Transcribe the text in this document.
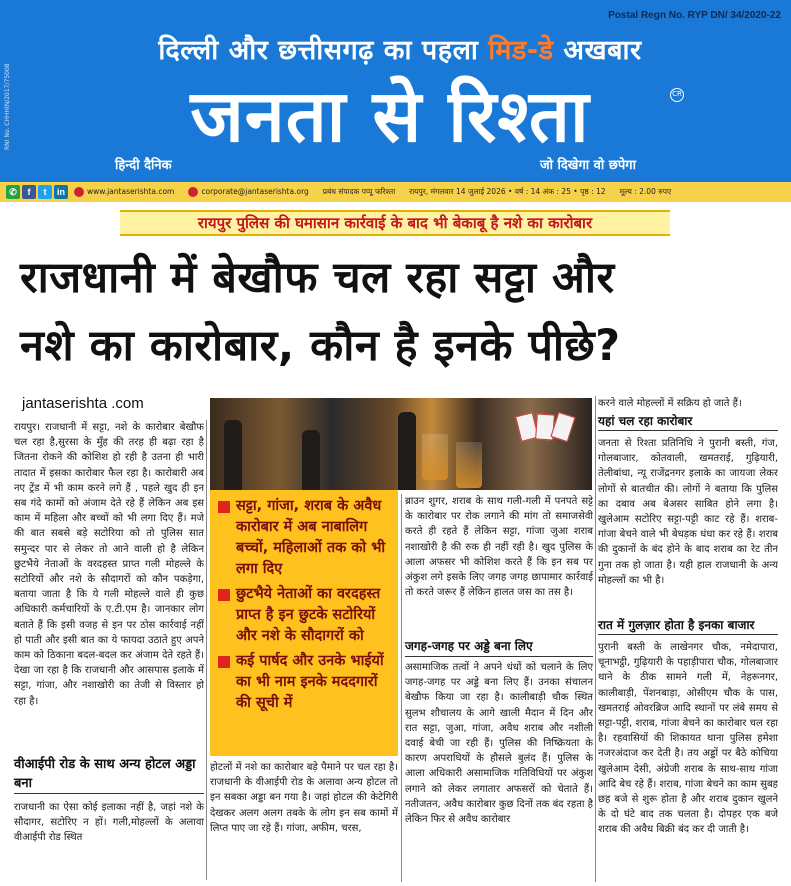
RNI No. CHHHIN/2017/75008
Postal Regn No. RYP DN/ 34/2020-22
दिल्ली और छत्तीसगढ़ का पहला मिड-डे अखबार
जनता से रिश्ता	CR
हिन्दी दैनिक	जो दिखेगा वो छपेगा
✆	f	t	in	www.jantaserishta.com	corporate@jantaserishta.org प्रबंध संपादक पप्पू फरिश्ता रायपुर, मंगलवार 14 जुलाई 2026 • वर्ष : 14 अंक : 25 • पृष्ठ : 12 मूल्य : 2.00 रुपए
रायपुर पुलिस की घमासान कार्रवाई के बाद भी बेकाबू है नशे का कारोबार
राजधानी में बेखौफ चल रहा सट्टा और
नशे का कारोबार, कौन है इनके पीछे?
jantaserishta .com

रायपुर। राजधानी में सट्टा, नशे के कारोबार बेखौफ चल रहा है,सुरसा के मुँह की तरह ही बढ़ा रहा है जितना रोकने की कोशिश हो रही है उतना ही भारी तादात में इसका कारोबार फैल रहा है। कारोबारी अब नए ट्रेंड में भी काम करने लगे हैं , पहले खुद ही इन सब गंदे कामों को अंजाम देते रहे हैं लेकिन अब इस काम में महिला और बच्चों को भी लगा दिए हैं। मजे की बात सबसे बड़े सटोरिया को तो पुलिस सात समुन्दर पार से लेकर तो आने वाली हो है लेकिन छुटभैये नेताओं के वरदहस्त प्राप्त गली मोहल्ले के सटोरियों और नशे के सौदागरों को कौन पकड़ेगा, बताया जाता है कि ये गली मोहल्ले वाले ही कुछ अधिकारी कर्मचारियों के ए.टी.एम है। जानकार लोग बताते हैं कि इसी वजह से इन पर ठोस कार्रवाई नहीं हो पाती और इसी बात का ये फायदा उठाते हुए अपने काम को ठिकाना बदल-बदल कर अंजाम देते रहते हैं। देखा जा रहा है कि राजधानी और आसपास इलाके में सट्टा, गांजा, और नशाखोरी का तेजी से विस्तार हो रहा है।

वीआईपी रोड के साथ अन्य होटल अड्डा बना

राजधानी का ऐसा कोई इलाका नहीं है, जहां नशे के सौदागर, सटोरिए न हों। गली,मोहल्लों के अलावा वीआईपी रोड स्थित

सट्टा, गांजा, शराब के अवैध कारोबार में अब नाबालिग बच्चों, महिलाओं तक को भी लगा दिए
छुटभैये नेताओं का वरदहस्त प्राप्त है इन छुटके सटोरियों और नशे के सौदागरों को
कई पार्षद और उनके भाईयों का भी नाम इनके मददगारों की सूची में

होटलों में नशे का कारोबार बड़े पैमाने पर चल रहा है। राजधानी के वीआईपी रोड के अलावा अन्य होटल तो इन सबका अड्डा बन गया है। जहां होटल की केटेगिरी देखकर अलग अलग तबके के लोग इन सब कामों में लिप्त पाए जा रहे हैं। गांजा, अफीम, चरस,

ब्राउन शुगर, शराब के साथ गली-गली में पनपते सट्टे के कारोबार पर रोक लगाने की मांग तो समाजसेवी करते ही रहते हैं लेकिन सट्टा, गांजा जुआ शराब नशाखोरी है की रुक ही नहीं रही है। खुद पुलिस के आला अफसर भी कोशिश करते हैं कि इन सब पर अंकुश लगे इसके लिए जगह जगह छापामार कार्रवाई तो करते जरूर हैं लेकिन हालत जस का तस है।

जगह-जगह पर अड्डे बना लिए

असामाजिक तत्वों ने अपने धंधों को चलाने के लिए जगह-जगह पर अड्डे बना लिए हैं। उनका संचालन बेखौफ किया जा रहा है। कालीबाड़ी चौक स्थित सुलभ शौचालय के आगे खाली मैदान में दिन और रात सट्टा, जुआ, गांजा, अवैध शराब और नशीली दवाई बेची जा रही हैं। पुलिस की निष्क्रियता के कारण अपराधियों के हौसले बुलंद हैं। पुलिस के आला अधिकारी असामाजिक गतिविधियों पर अंकुश लगाने को लेकर लगातार अफसरों को चेताते हैं। नतीजतन, अवैध कारोबार कुछ दिनों तक बंद रहता है लेकिन फिर से अवैध कारोबार

करने वाले मोहल्लों में सक्रिय हो जाते हैं।

यहां चल रहा कारोबार

जनता से रिश्ता प्रतिनिधि ने पुरानी बस्ती, गंज, गोलबाजार, कोतवाली, खमतराई, गुढ़ियारी, तेलीबांधा, न्यू राजेंद्रनगर इलाके का जायजा लेकर लोगों से बातचीत की। लोगों ने बताया कि पुलिस का दबाव अब बेअसर साबित होने लगा है। खुलेआम सटोरिए सट्टा-पट्टी काट रहे हैं। शराब-गांजा बेचने वाले भी बेधड़क धंधा कर रहे हैं। शराब की दुकानों के बंद होने के बाद शराब का रेट तीन गुना तक हो जाता है। यही हाल राजधानी के अन्य मोहल्लों का भी है।

रात में गुलज़ार होता है इनका बाजार

पुरानी बस्ती के लाखेनगर चौक, नमेदापारा, चूनाभट्ठी, गुढ़ियारी के पहाड़ीपारा चौक, गोलबाजार थाने के ठीक सामने गली में, नेहरूनगर, कालीबाड़ी, पेंशनबाड़ा, ओसीएम चौक के पास, खमतराई ओवरब्रिज आदि स्थानों पर लंबे समय से सट्टा-पट्टी, शराब, गांजा बेचने का कारोबार चल रहा है। रहवासियों की शिकायत थाना पुलिस हमेशा नजरअंदाज कर देती है। तय अड्डों पर बैठे कोचिया खुलेआम देसी, अंग्रेजी शराब के साथ-साथ गांजा आदि बेच रहे हैं। शराब, गांजा बेचने का काम सुबह छह बजे से शुरू होता है और शराब दुकान खुलने के दो घंटे बाद तक चलता है। दोपहर एक बजे शराब की अवैध बिक्री बंद कर दी जाती है।
